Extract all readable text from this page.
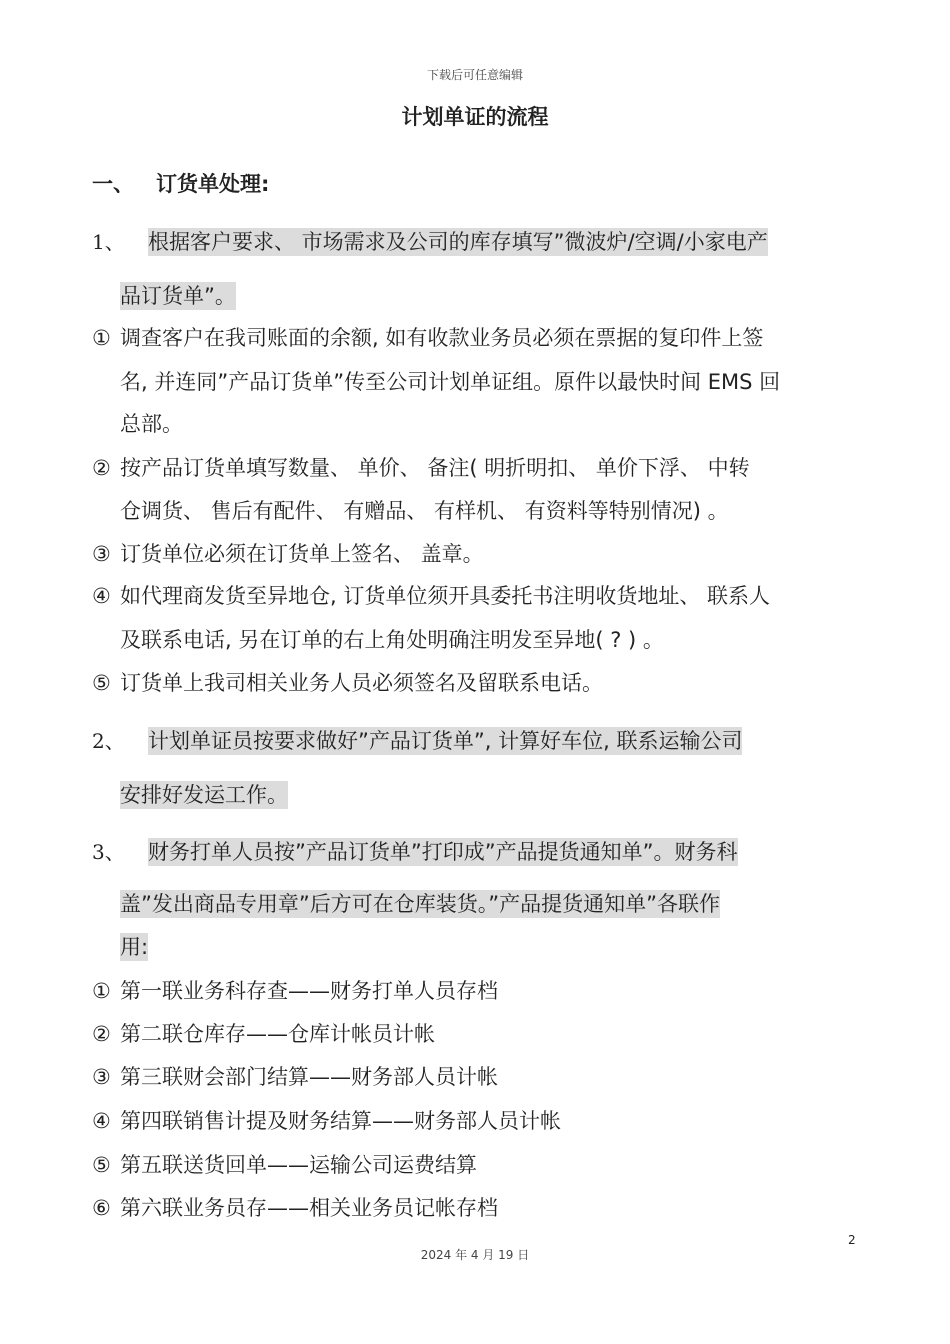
下载后可任意编辑
计划单证的流程
一、 订货单处理:
1、 根据客户要求、 市场需求及公司的库存填写”微波炉/空调/小家电产
品订货单”。
① 调查客户在我司账面的余额, 如有收款业务员必须在票据的复印件上签
名, 并连同”产品订货单”传至公司计划单证组。原件以最快时间 EMS 回
总部。
② 按产品订货单填写数量、 单价、 备注( 明折明扣、 单价下浮、 中转
仓调货、 售后有配件、 有赠品、 有样机、 有资料等特别情况) 。
③ 订货单位必须在订货单上签名、 盖章。
④ 如代理商发货至异地仓, 订货单位须开具委托书注明收货地址、 联系人
及联系电话, 另在订单的右上角处明确注明发至异地( ? ) 。
⑤ 订货单上我司相关业务人员必须签名及留联系电话。
2、 计划单证员按要求做好”产品订货单”, 计算好车位, 联系运输公司
安排好发运工作。
3、 财务打单人员按”产品订货单”打印成”产品提货通知单”。财务科
盖”发出商品专用章”后方可在仓库装货。”产品提货通知单”各联作
用:
① 第一联业务科存查——财务打单人员存档
② 第二联仓库存——仓库计帐员计帐
③ 第三联财会部门结算——财务部人员计帐
④ 第四联销售计提及财务结算——财务部人员计帐
⑤ 第五联送货回单——运输公司运费结算
⑥ 第六联业务员存——相关业务员记帐存档
2
2024 年 4 月 19 日
